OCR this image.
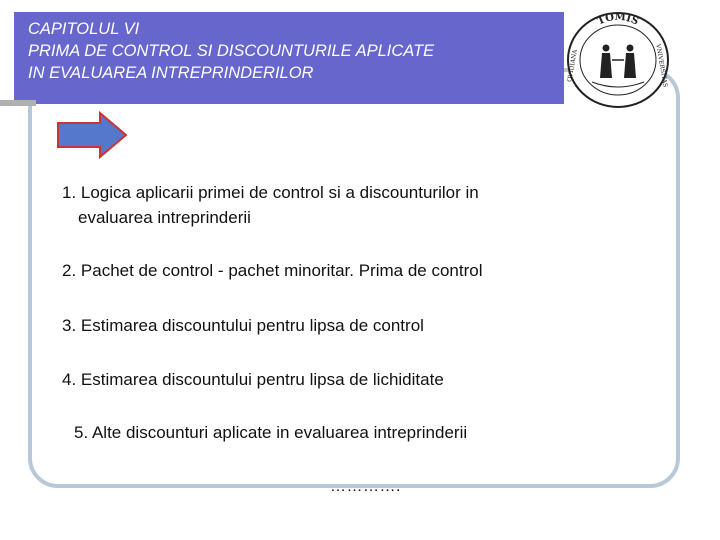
CAPITOLUL VI
PRIMA DE CONTROL SI DISCOUNTURILE APLICATE
IN EVALUAREA INTREPRINDERILOR
TOMIS
VNIVERSITAS
OVIDIANA
1. Logica aplicarii primei de control si a discounturilor in
evaluarea intreprinderii
2. Pachet de control - pachet minoritar. Prima de control
3. Estimarea discountului pentru lipsa de control
4. Estimarea discountului pentru lipsa de lichiditate
5. Alte discounturi aplicate in evaluarea intreprinderii
………….
